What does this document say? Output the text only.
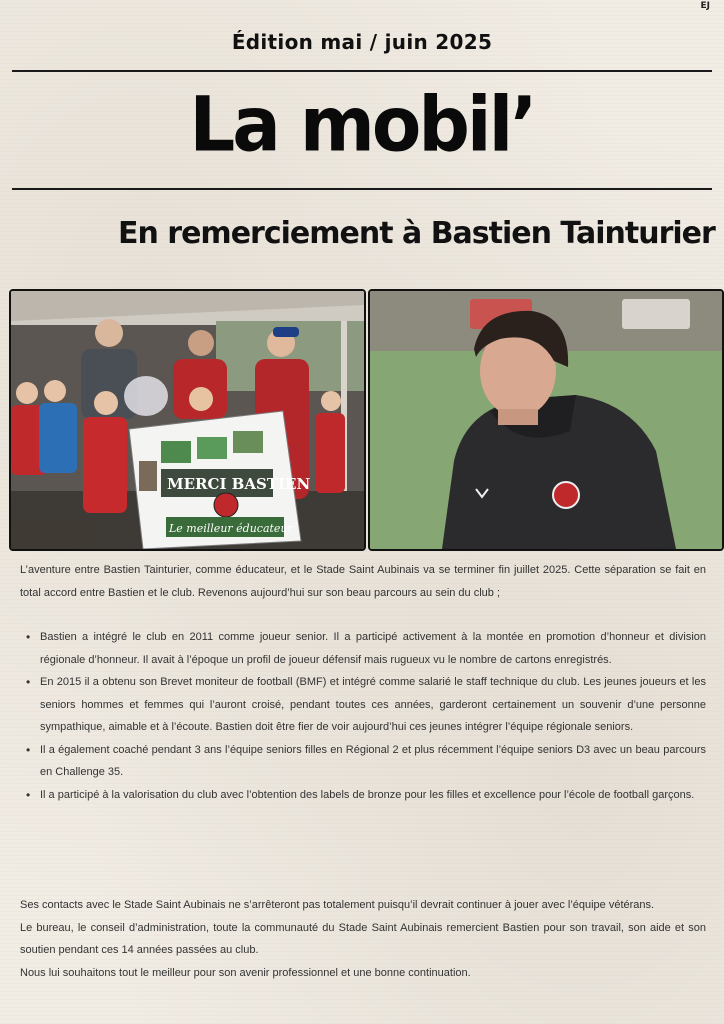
EJ
Édition mai / juin 2025
La mobil’
En remerciement à Bastien Tainturier
MERCI BASTIEN
Le meilleur éducateur
L’aventure entre Bastien Tainturier, comme éducateur, et le Stade Saint Aubinais va se terminer fin juillet 2025. Cette séparation se fait en total accord entre Bastien et le club. Revenons aujourd’hui sur son beau parcours au sein du club ;
• Bastien a intégré le club en 2011 comme joueur senior. Il a participé activement à la montée en promotion d’honneur et division régionale d’honneur. Il avait à l’époque un profil de joueur défensif mais rugueux vu le nombre de cartons enregistrés.
• En 2015 il a obtenu son Brevet moniteur de football (BMF) et intégré comme salarié le staff technique du club. Les jeunes joueurs et les seniors hommes et femmes qui l’auront croisé, pendant toutes ces années, garderont certainement un souvenir d’une personne sympathique, aimable et à l’écoute. Bastien doit être fier de voir aujourd’hui ces jeunes intégrer l’équipe régionale seniors.
• Il a également coaché pendant 3 ans l’équipe seniors filles en Régional 2 et plus récemment l’équipe seniors D3 avec un beau parcours en Challenge 35.
• Il a participé à la valorisation du club avec l’obtention des labels de bronze pour les filles et excellence pour l’école de football garçons.

Ses contacts avec le Stade Saint Aubinais ne s’arrêteront pas totalement puisqu’il devrait continuer à jouer avec l’équipe vétérans.

Le bureau, le conseil d’administration, toute la communauté du Stade Saint Aubinais remercient Bastien pour son travail, son aide et son soutien pendant ces 14 années passées au club.

Nous lui souhaitons tout le meilleur pour son avenir professionnel et une bonne continuation.
